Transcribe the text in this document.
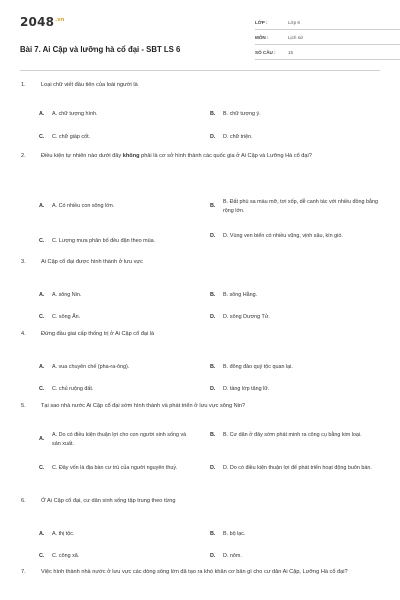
$2048^{.vn}$
Bài 7. Ai Cập và lưỡng hà cổ đại - SBT LS 6
LỚP :	Lớp 6
MÔN :	Lịch sử
SỐ CÂU :	15
1.	Loại chữ viết đầu tiên của loài người là
A.	A. chữ tượng hình.	B.	B. chữ tượng ý.
C.	C. chữ giáp cốt.	D.	D. chữ triện.
2.	Điều kiện tự nhiên nào dưới đây không phải là cơ sở hình thành các quốc gia ở Ai Cập và Lưỡng Hà cổ đại?
A.	A. Có nhiều con sông lớn.	B.
B. Đất phù sa màu mỡ, tơi xốp, dễ canh tác với nhiều đồng bằng rộng lớn.
C.	C. Lượng mưa phân bố đều đặn theo mùa.
D.	D. Vùng ven biển có nhiều vũng, vịnh sâu, kín gió.
3.	Ai Cập cổ đại được hình thành ở lưu vực
A.	A. sông Nin.	B.	B. sông Hằng.
C.	C. sông Ấn.	D.	D. sông Dương Tử.
4.	Đứng đầu giai cấp thống trị ở Ai Cập cổ đại là
A.	A. vua chuyên chế (pha-ra-ông).	B.	B. đông đảo quý tộc quan lại.
C.	C. chủ ruộng đất.	D.	D. tầng lớp tăng lữ.
5.	Tại sao nhà nước Ai Cập cổ đại sớm hình thành và phát triển ở lưu vực sông Nin?
A.
A. Do có điều kiện thuận lợi cho con người sinh sống và sản xuất.
B.	B. Cư dân ở đây sớm phát minh ra công cụ bằng kim loại.
C.	C. Đây vốn là địa bàn cư trú của người nguyên thuỷ.	D.	D. Do có điều kiện thuận lợi để phát triển hoạt động buôn bán.
6.	Ở Ai Cập cổ đại, cư dân sinh sống tập trung theo từng
A.	A. thị tộc.	B.	B. bộ lạc.
C.	C. công xã.	D.	D. nôm.
7.	Việc hình thành nhà nước ở lưu vực các dòng sông lớn đã tạo ra khó khăn cơ bản gì cho cư dân Ai Cập, Lưỡng Hà cổ đại?
